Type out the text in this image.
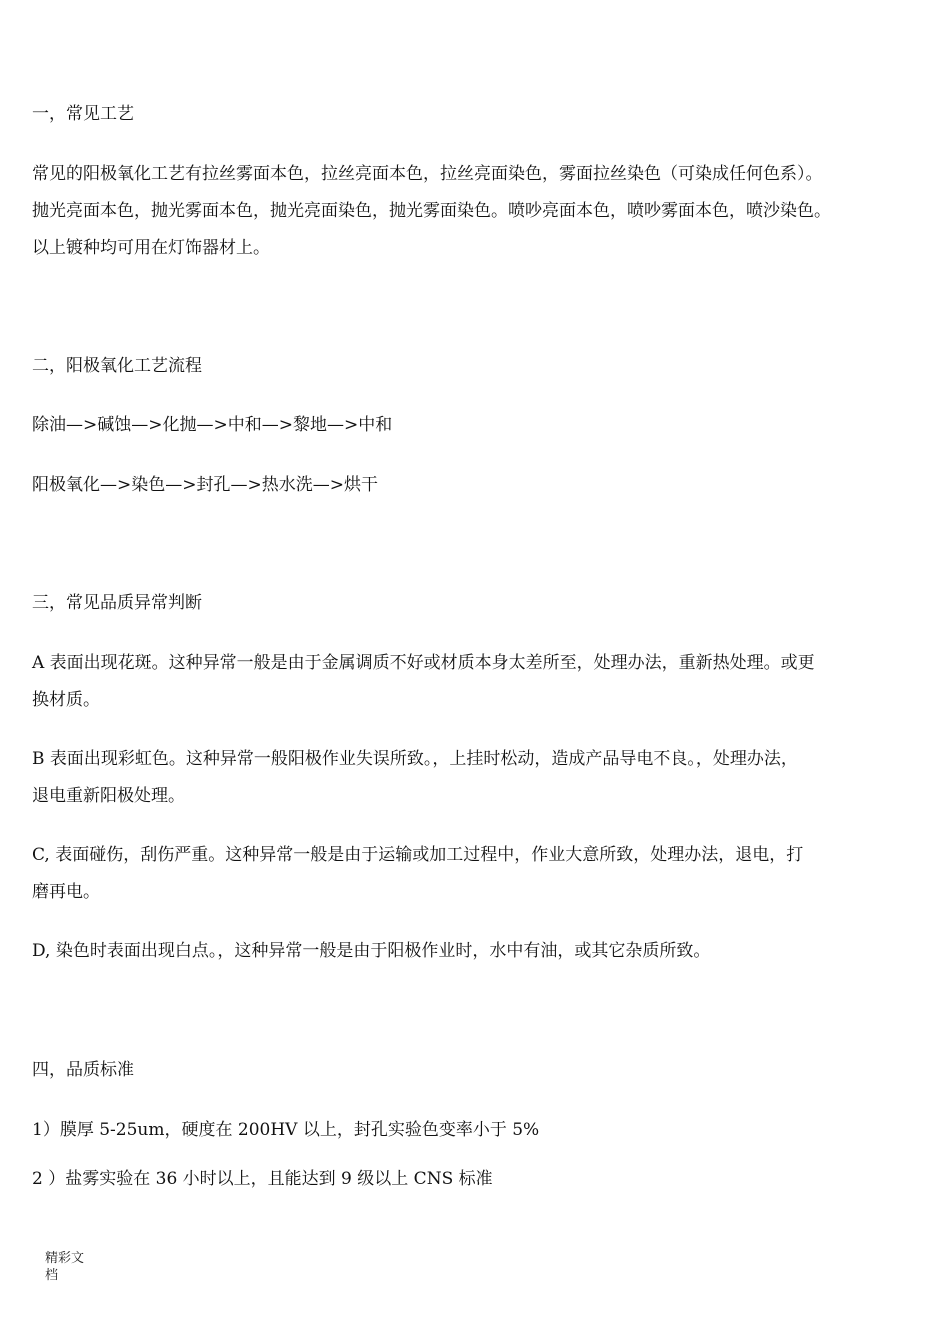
一，常见工艺
常见的阳极氧化工艺有拉丝雾面本色，拉丝亮面本色，拉丝亮面染色，雾面拉丝染色（可染成任何色系）。
抛光亮面本色，抛光雾面本色，抛光亮面染色，抛光雾面染色。喷吵亮面本色，喷吵雾面本色，喷沙染色。
以上镀种均可用在灯饰器材上。
二，阳极氧化工艺流程
除油—>碱蚀—>化抛—>中和—>黎地—>中和
阳极氧化—>染色—>封孔—>热水洗—>烘干
三，常见品质异常判断
A 表面出现花斑。这种异常一般是由于金属调质不好或材质本身太差所至，处理办法，重新热处理。或更
换材质。
B 表面出现彩虹色。这种异常一般阳极作业失误所致。，上挂时松动，造成产品导电不良。，处理办法，
退电重新阳极处理。
C, 表面碰伤，刮伤严重。这种异常一般是由于运输或加工过程中，作业大意所致，处理办法，退电，打
磨再电。
D, 染色时表面出现白点。，这种异常一般是由于阳极作业时，水中有油，或其它杂质所致。
四，品质标准
1）膜厚 5-25um，硬度在 200HV 以上，封孔实验色变率小于 5%
2 ）盐雾实验在 36 小时以上，且能达到 9 级以上 CNS 标准
精彩文
档
